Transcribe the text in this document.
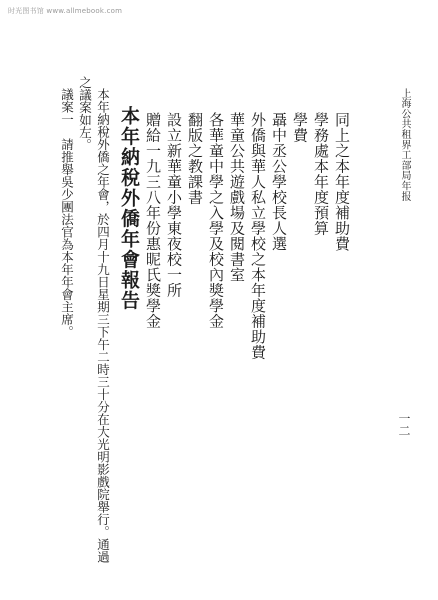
时光图书馆 www.allmebook.com
上海公共租界工部局年报
一二
同上之本年度補助費
學務處本年度預算
學費
聶中丞公學校長人選
外僑與華人私立學校之本年度補助費
華童公共遊戲場及閱書室
各華童中學之入學及校內獎學金
翻版之教課書
設立新華童小學東夜校一所
贈給一九三八年份惠昵氏獎學金
本年納稅外僑年會報告
本年納稅外僑之年會，於四月十九日星期三下午二時三十分在大光明影戲院舉行。通過
之議案如左。
議案一　請推舉吳少團法官為本年年會主席。
